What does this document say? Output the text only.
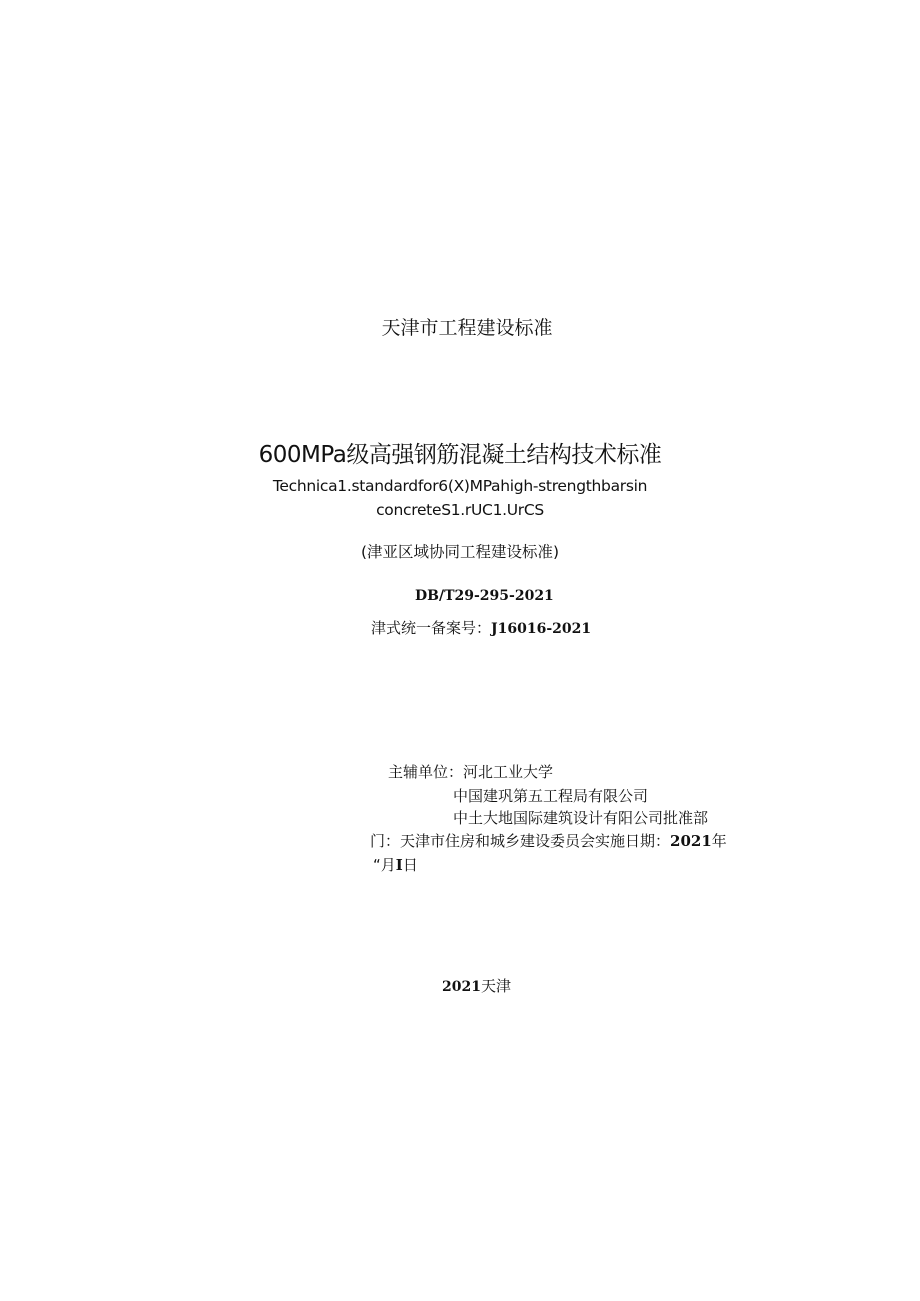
天津市工程建设标准
600MPa级高强钢筋混凝土结构技术标准
Technica1.standardfor6(X)MPahigh-strengthbarsin
concreteS1.rUC1.UrCS
(津亚区域协同工程建设标准)
DB/T29-295-2021
津式统一备案号：J16016-2021
主辅单位：河北工业大学
中国建巩第五工程局有限公司
中土大地国际建筑设计有阳公司批准部
门：天津市住房和城乡建设委员会实施日期：2021年
“月I日
2021天津
